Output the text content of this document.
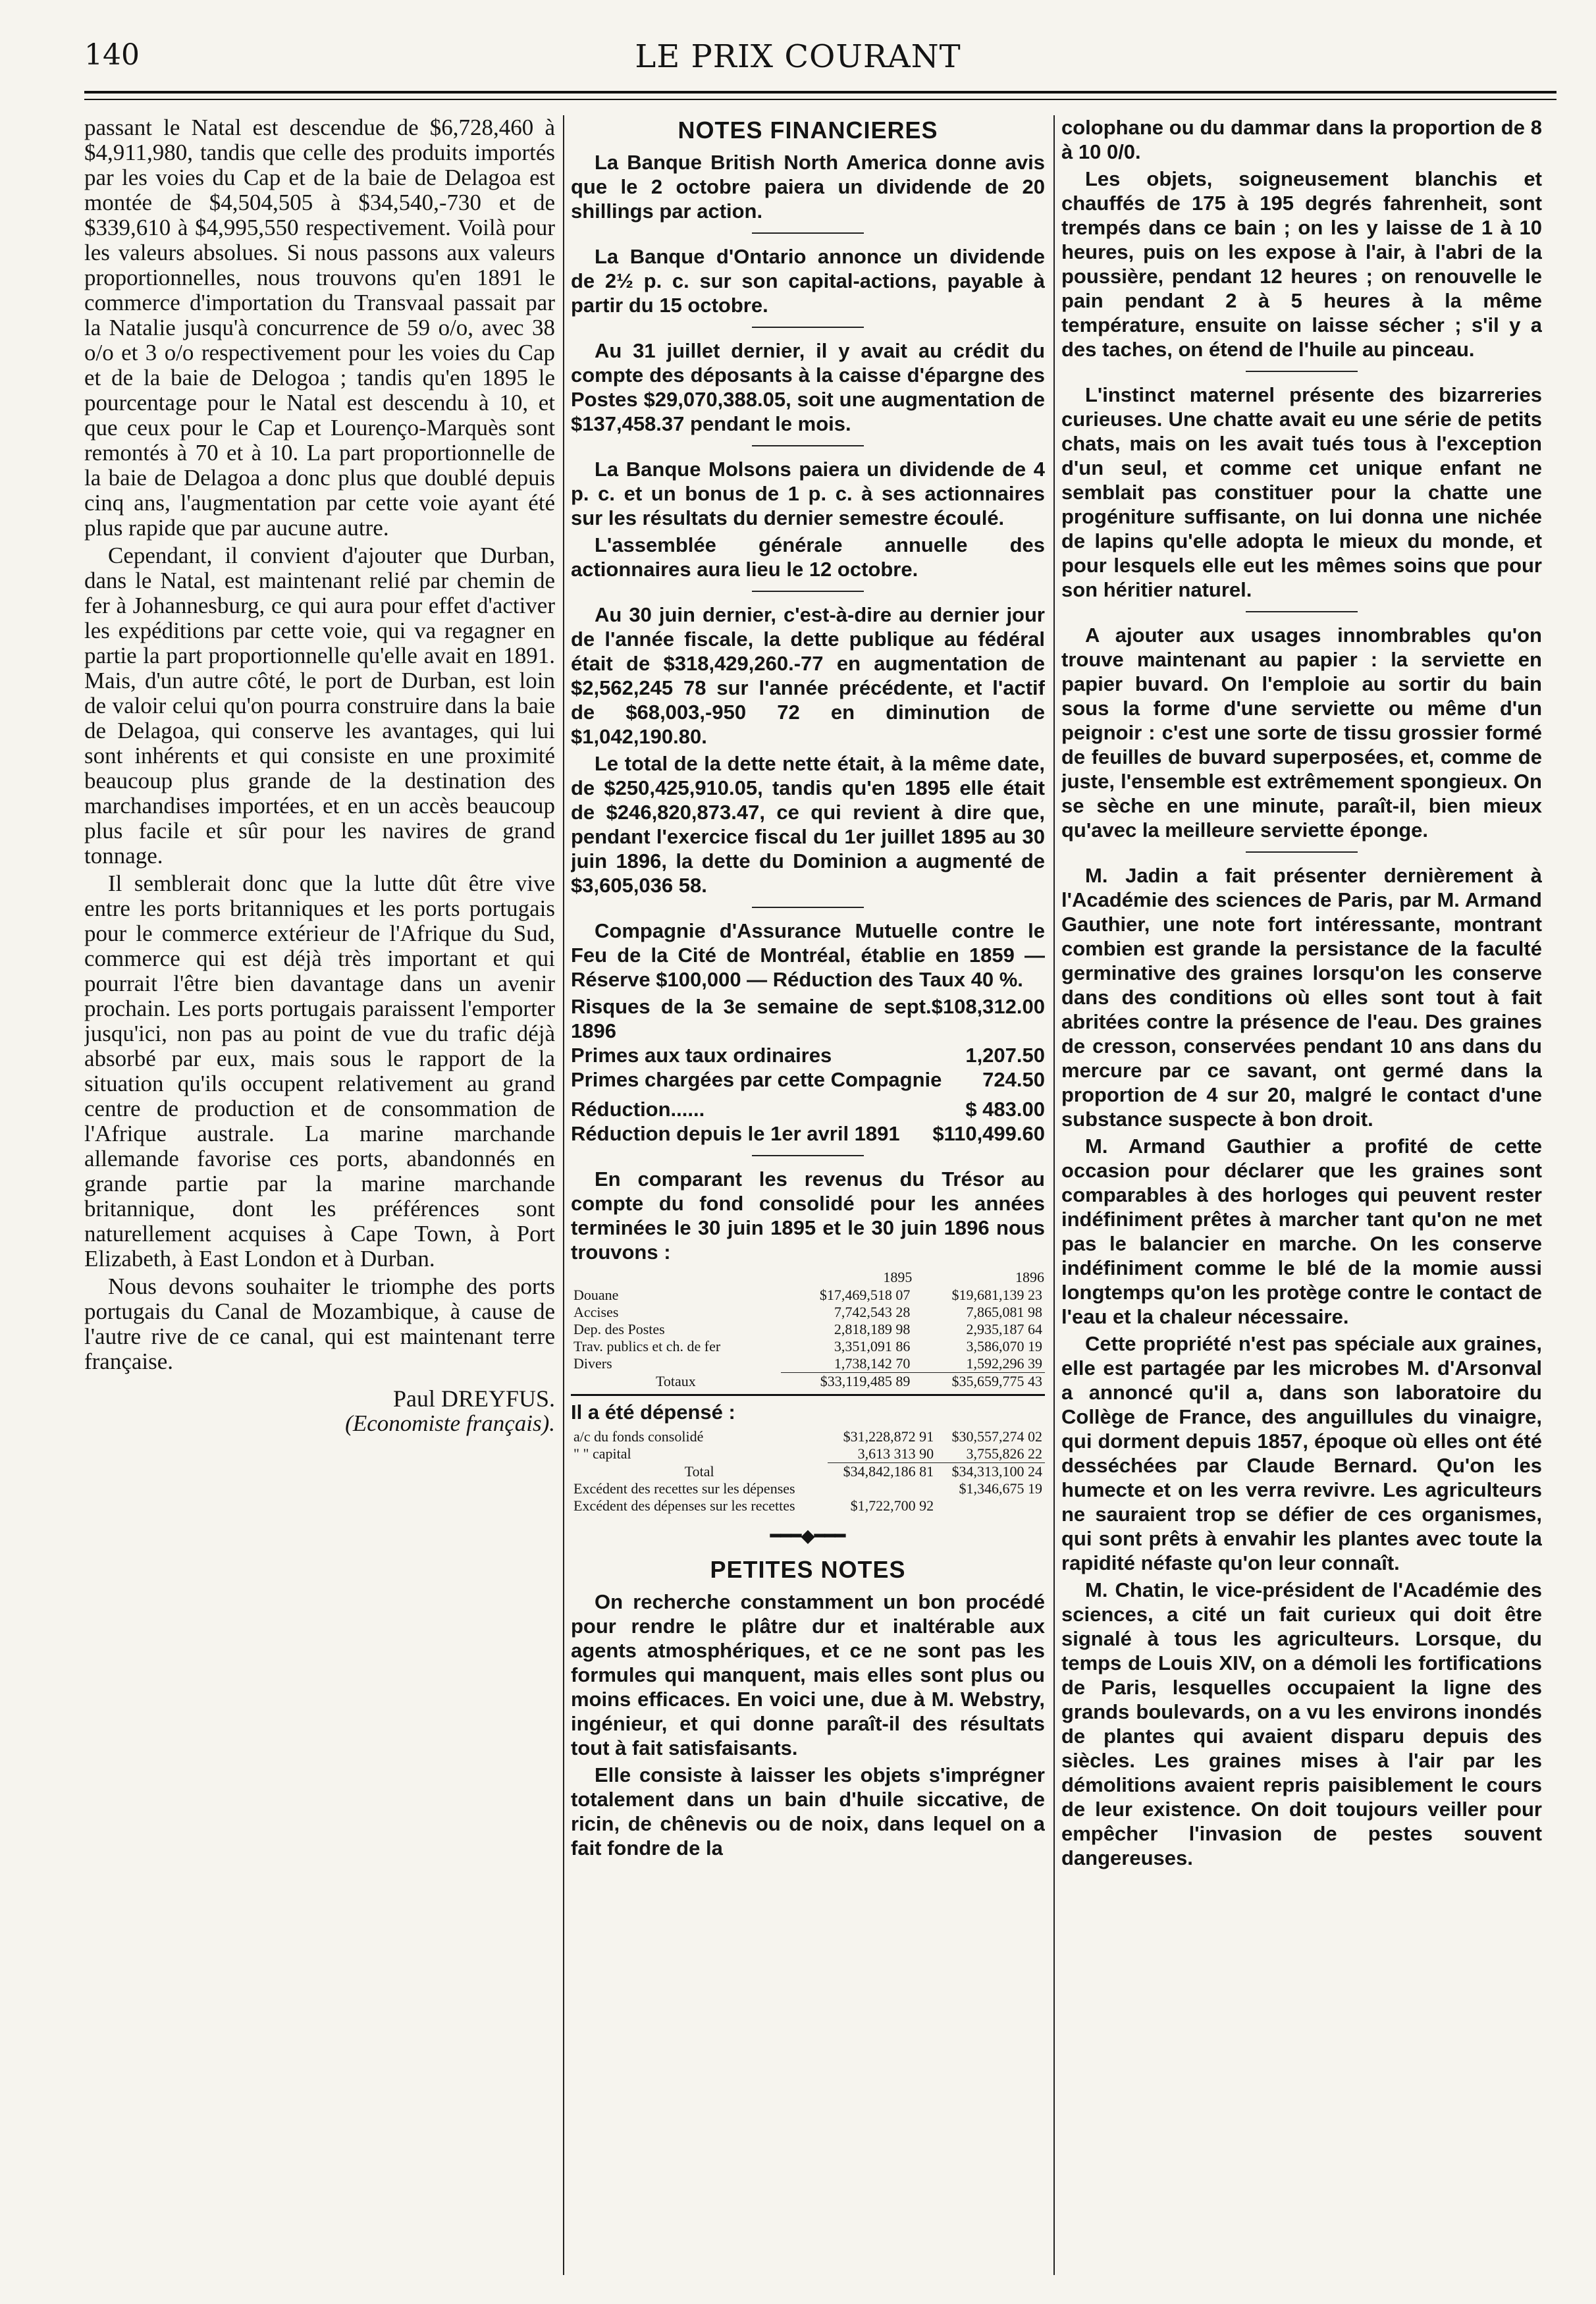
140	LE PRIX COURANT

passant le Natal est descendue de $6,728,460 à $4,911,980, tandis que celle des produits importés par les voies du Cap et de la baie de Delagoa est montée de $4,504,505 à $34,540,-730 et de $339,610 à $4,995,550 respectivement. Voilà pour les valeurs absolues. Si nous passons aux valeurs proportionnelles, nous trouvons qu'en 1891 le commerce d'importation du Transvaal passait par la Natalie jusqu'à concurrence de 59 o/o, avec 38 o/o et 3 o/o respectivement pour les voies du Cap et de la baie de Delogoa ; tandis qu'en 1895 le pourcentage pour le Natal est descendu à 10, et que ceux pour le Cap et Lourenço-Marquès sont remontés à 70 et à 10. La part proportionnelle de la baie de Delagoa a donc plus que doublé depuis cinq ans, l'augmentation par cette voie ayant été plus rapide que par aucune autre.

Cependant, il convient d'ajouter que Durban, dans le Natal, est maintenant relié par chemin de fer à Johannesburg, ce qui aura pour effet d'activer les expéditions par cette voie, qui va regagner en partie la part proportionnelle qu'elle avait en 1891. Mais, d'un autre côté, le port de Durban, est loin de valoir celui qu'on pourra construire dans la baie de Delagoa, qui conserve les avantages, qui lui sont inhérents et qui consiste en une proximité beaucoup plus grande de la destination des marchandises importées, et en un accès beaucoup plus facile et sûr pour les navires de grand tonnage.

Il semblerait donc que la lutte dût être vive entre les ports britanniques et les ports portugais pour le commerce extérieur de l'Afrique du Sud, commerce qui est déjà très important et qui pourrait l'être bien davantage dans un avenir prochain. Les ports portugais paraissent l'emporter jusqu'ici, non pas au point de vue du trafic déjà absorbé par eux, mais sous le rapport de la situation qu'ils occupent relativement au grand centre de production et de consommation de l'Afrique australe. La marine marchande allemande favorise ces ports, abandonnés en grande partie par la marine marchande britannique, dont les préférences sont naturellement acquises à Cape Town, à Port Elizabeth, à East London et à Durban.

Nous devons souhaiter le triomphe des ports portugais du Canal de Mozambique, à cause de l'autre rive de ce canal, qui est maintenant terre française.

Paul DREYFUS.
(Economiste français).
NOTES FINANCIERES

La Banque British North America donne avis que le 2 octobre paiera un dividende de 20 shillings par action.

La Banque d'Ontario annonce un dividende de 2½ p. c. sur son capital-actions, payable à partir du 15 octobre.

Au 31 juillet dernier, il y avait au crédit du compte des déposants à la caisse d'épargne des Postes $29,070,388.05, soit une augmentation de $137,458.37 pendant le mois.

La Banque Molsons paiera un dividende de 4 p. c. et un bonus de 1 p. c. à ses actionnaires sur les résultats du dernier semestre écoulé.

L'assemblée générale annuelle des actionnaires aura lieu le 12 octobre.

Au 30 juin dernier, c'est-à-dire au dernier jour de l'année fiscale, la dette publique au fédéral était de $318,429,260.-77 en augmentation de $2,562,245 78 sur l'année précédente, et l'actif de $68,003,-950 72 en diminution de $1,042,190.80.

Le total de la dette nette était, à la même date, de $250,425,910.05, tandis qu'en 1895 elle était de $246,820,873.47, ce qui revient à dire que, pendant l'exercice fiscal du 1er juillet 1895 au 30 juin 1896, la dette du Dominion a augmenté de $3,605,036 58.

Compagnie d'Assurance Mutuelle contre le Feu de la Cité de Montréal, établie en 1859 — Réserve $100,000 — Réduction des Taux 40 %.

Risques de la 3e semaine de sept. 1896
$108,312.00
Primes aux taux ordinaires	1,207.50
Primes chargées par cette Compagnie 724.50
Réduction......	$ 483.00
Réduction depuis le 1er avril 1891 $110,499.60

En comparant les revenus du Trésor au compte du fond consolidé pour les années terminées le 30 juin 1895 et le 30 juin 1896 nous trouvons :

	1895	1896
Douane	$17,469,518 07	$19,681,139 23
Accises	7,742,543 28	7,865,081 98
Dep. des Postes	2,818,189 98	2,935,187 64
Trav. publics et ch. de fer	3,351,091 86	3,586,070 19
Divers	1,738,142 70	1,592,296 39
Totaux	$33,119,485 89	$35,659,775 43
Il a été dépensé :
a/c du fonds consolidé	$31,228,872 91	$30,557,274 02
" " capital	3,613 313 90	3,755,826 22
Total	$34,842,186 81	$34,313,100 24
Excédent des recettes sur les dépenses		$1,346,675 19
Excédent des dépenses sur les recettes	$1,722,700 92	
━━━◆━━━
PETITES NOTES

On recherche constamment un bon procédé pour rendre le plâtre dur et inaltérable aux agents atmosphériques, et ce ne sont pas les formules qui manquent, mais elles sont plus ou moins efficaces. En voici une, due à M. Webstry, ingénieur, et qui donne paraît-il des résultats tout à fait satisfaisants.

Elle consiste à laisser les objets s'imprégner totalement dans un bain d'huile siccative, de ricin, de chênevis ou de noix, dans lequel on a fait fondre de la

colophane ou du dammar dans la proportion de 8 à 10 0/0.

Les objets, soigneusement blanchis et chauffés de 175 à 195 degrés fahrenheit, sont trempés dans ce bain ; on les y laisse de 1 à 10 heures, puis on les expose à l'air, à l'abri de la poussière, pendant 12 heures ; on renouvelle le pain pendant 2 à 5 heures à la même température, ensuite on laisse sécher ; s'il y a des taches, on étend de l'huile au pinceau.

L'instinct maternel présente des bizarreries curieuses. Une chatte avait eu une série de petits chats, mais on les avait tués tous à l'exception d'un seul, et comme cet unique enfant ne semblait pas constituer pour la chatte une progéniture suffisante, on lui donna une nichée de lapins qu'elle adopta le mieux du monde, et pour lesquels elle eut les mêmes soins que pour son héritier naturel.

A ajouter aux usages innombrables qu'on trouve maintenant au papier : la serviette en papier buvard. On l'emploie au sortir du bain sous la forme d'une serviette ou même d'un peignoir : c'est une sorte de tissu grossier formé de feuilles de buvard superposées, et, comme de juste, l'ensemble est extrêmement spongieux. On se sèche en une minute, paraît-il, bien mieux qu'avec la meilleure serviette éponge.

M. Jadin a fait présenter dernièrement à l'Académie des sciences de Paris, par M. Armand Gauthier, une note fort intéressante, montrant combien est grande la persistance de la faculté germinative des graines lorsqu'on les conserve dans des conditions où elles sont tout à fait abritées contre la présence de l'eau. Des graines de cresson, conservées pendant 10 ans dans du mercure par ce savant, ont germé dans la proportion de 4 sur 20, malgré le contact d'une substance suspecte à bon droit.

M. Armand Gauthier a profité de cette occasion pour déclarer que les graines sont comparables à des horloges qui peuvent rester indéfiniment prêtes à marcher tant qu'on ne met pas le balancier en marche. On les conserve indéfiniment comme le blé de la momie aussi longtemps qu'on les protège contre le contact de l'eau et la chaleur nécessaire.

Cette propriété n'est pas spéciale aux graines, elle est partagée par les microbes M. d'Arsonval a annoncé qu'il a, dans son laboratoire du Collège de France, des anguillules du vinaigre, qui dorment depuis 1857, époque où elles ont été desséchées par Claude Bernard. Qu'on les humecte et on les verra revivre. Les agriculteurs ne sauraient trop se défier de ces organismes, qui sont prêts à envahir les plantes avec toute la rapidité néfaste qu'on leur connaît.

M. Chatin, le vice-président de l'Académie des sciences, a cité un fait curieux qui doit être signalé à tous les agriculteurs. Lorsque, du temps de Louis XIV, on a démoli les fortifications de Paris, lesquelles occupaient la ligne des grands boulevards, on a vu les environs inondés de plantes qui avaient disparu depuis des siècles. Les graines mises à l'air par les démolitions avaient repris paisiblement le cours de leur existence. On doit toujours veiller pour empêcher l'invasion de pestes souvent dangereuses.
